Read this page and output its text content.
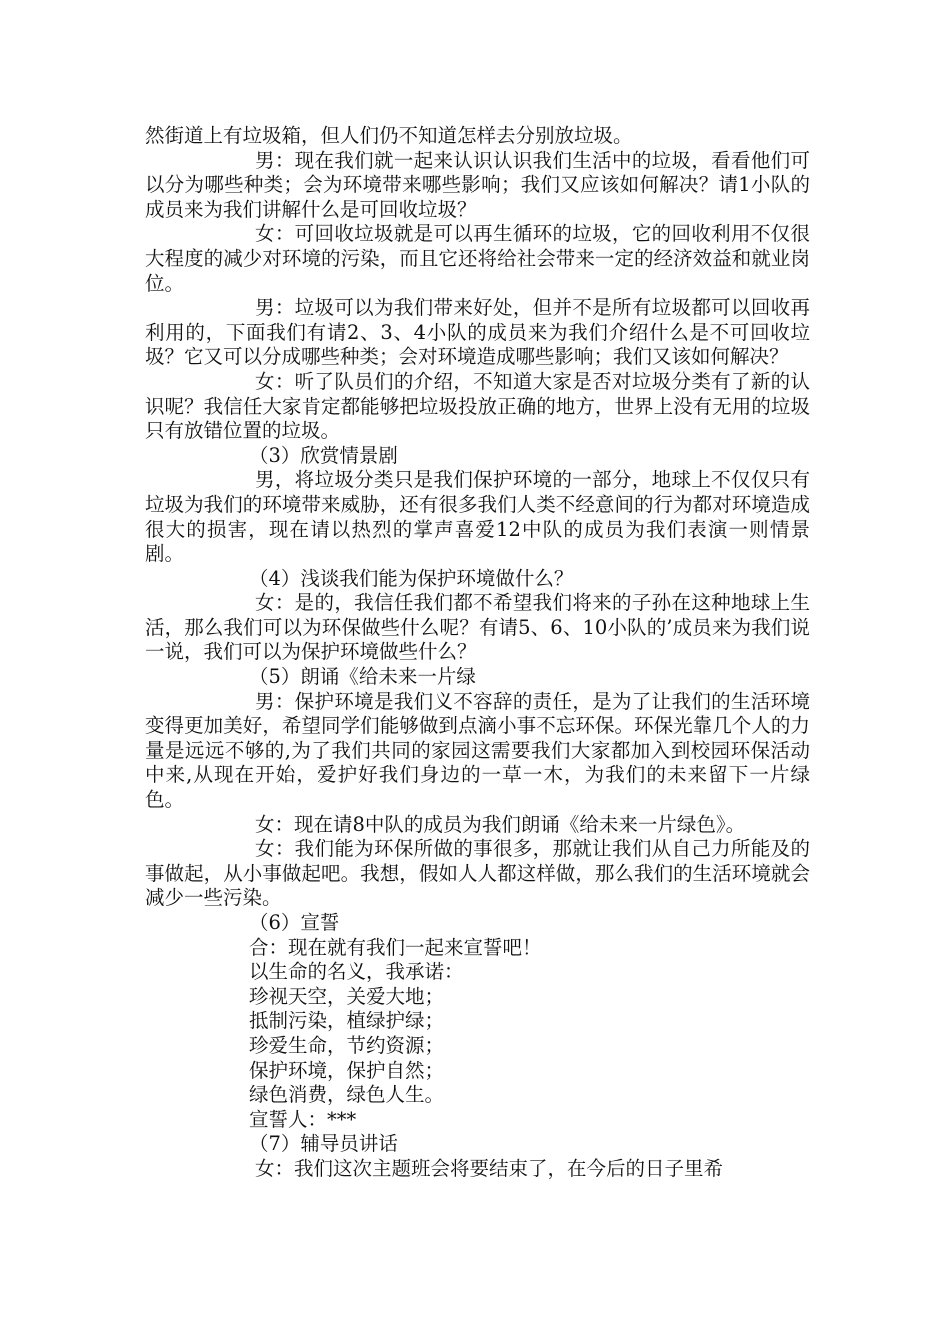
然街道上有垃圾箱，但人们仍不知道怎样去分别放垃圾。

男：现在我们就一起来认识认识我们生活中的垃圾，看看他们可以分为哪些种类；会为环境带来哪些影响；我们又应该如何解决？请1小队的成员来为我们讲解什么是可回收垃圾？

女：可回收垃圾就是可以再生循环的垃圾，它的回收利用不仅很大程度的减少对环境的污染，而且它还将给社会带来一定的经济效益和就业岗位。

男：垃圾可以为我们带来好处，但并不是所有垃圾都可以回收再利用的，下面我们有请2、3、4小队的成员来为我们介绍什么是不可回收垃圾？它又可以分成哪些种类；会对环境造成哪些影响；我们又该如何解决？

女：听了队员们的介绍，不知道大家是否对垃圾分类有了新的认识呢？我信任大家肯定都能够把垃圾投放正确的地方，世界上没有无用的垃圾只有放错位置的垃圾。

（3）欣赏情景剧

男，将垃圾分类只是我们保护环境的一部分，地球上不仅仅只有垃圾为我们的环境带来威胁，还有很多我们人类不经意间的行为都对环境造成很大的损害，现在请以热烈的掌声喜爱12中队的成员为我们表演一则情景剧。

（4）浅谈我们能为保护环境做什么？

女：是的，我信任我们都不希望我们将来的子孙在这种地球上生活，那么我们可以为环保做些什么呢？有请5、6、10小队的’成员来为我们说一说，我们可以为保护环境做些什么？

（5）朗诵《给未来一片绿

男：保护环境是我们义不容辞的责任，是为了让我们的生活环境变得更加美好，希望同学们能够做到点滴小事不忘环保。环保光靠几个人的力量是远远不够的,为了我们共同的家园这需要我们大家都加入到校园环保活动中来,从现在开始，爱护好我们身边的一草一木，为我们的未来留下一片绿色。

女：现在请8中队的成员为我们朗诵《给未来一片绿色》。

女：我们能为环保所做的事很多，那就让我们从自己力所能及的事做起，从小事做起吧。我想，假如人人都这样做，那么我们的生活环境就会减少一些污染。

（6）宣誓

合：现在就有我们一起来宣誓吧！

以生命的名义，我承诺：

珍视天空，关爱大地；

抵制污染，植绿护绿；

珍爱生命，节约资源；

保护环境，保护自然；

绿色消费，绿色人生。

宣誓人：***

（7）辅导员讲话

女：我们这次主题班会将要结束了，在今后的日子里希
